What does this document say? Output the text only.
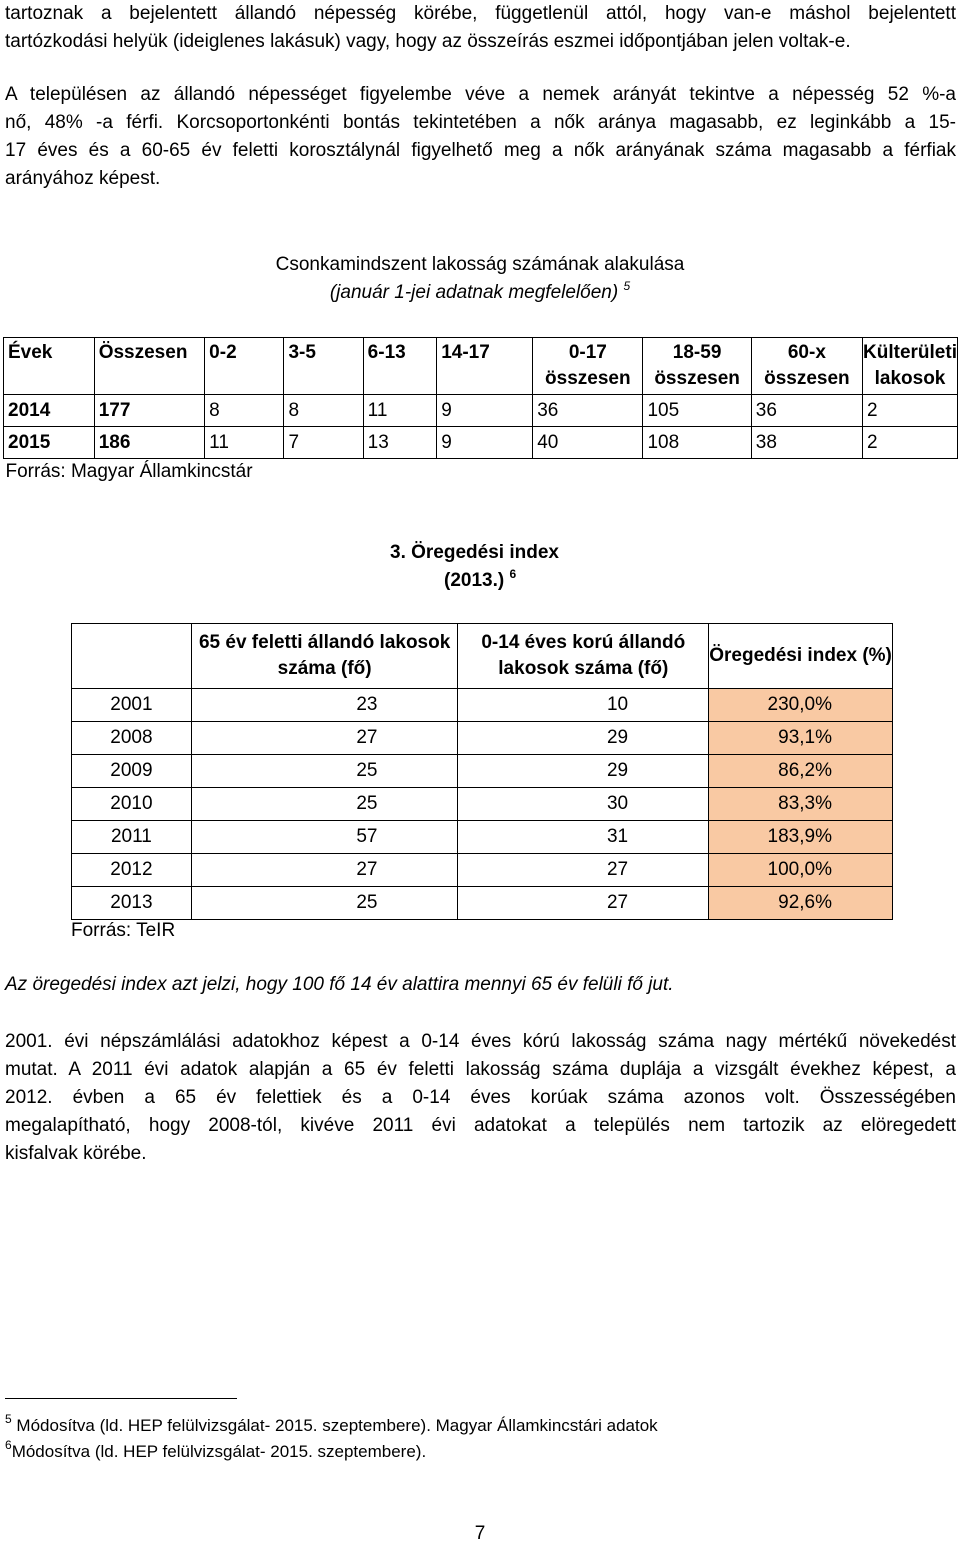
tartoznak a bejelentett állandó népesség körébe, függetlenül attól, hogy van-e máshol bejelentett
tartózkodási helyük (ideiglenes lakásuk) vagy, hogy az összeírás eszmei időpontjában jelen voltak-e.
A településen az állandó népességet figyelembe véve a nemek arányát tekintve a népesség 52 %-a
nő, 48% -a férfi. Korcsoportonkénti bontás tekintetében a nők aránya magasabb, ez leginkább a 15-
17 éves és a 60-65 év feletti korosztálynál figyelhető meg a nők arányának száma magasabb a férfiak
arányához képest.
Csonkamindszent lakosság számának alakulása
(január 1-jei adatnak megfelelően) $^5$
Évek	Összesen	0-2	3-5	6-13	14-17	0-17 összesen	18-59 összesen	60-x összesen	Külterületi lakosok
2014	177	8	8	11	9	36	105	36	2
2015	186	11	7	13	9	40	108	38	2
Forrás: Magyar Államkincstár									
3. Öregedési index
(2013.) $^6$
	65 év feletti állandó lakosok száma (fő)	0-14 éves korú állandó lakosok száma (fő)	Öregedési index (%)
2001	23	10	230,0%
2008	27	29	93,1%
2009	25	29	86,2%
2010	25	30	83,3%
2011	57	31	183,9%
2012	27	27	100,0%
2013	25	27	92,6%
Forrás: TeIR
Az öregedési index azt jelzi, hogy 100 fő 14 év alattira mennyi 65 év felüli fő jut.
2001. évi népszámlálási adatokhoz képest a 0-14 éves kórú lakosság száma nagy mértékű növekedést
mutat. A 2011 évi adatok alapján a 65 év feletti lakosság száma duplája a vizsgált évekhez képest, a
2012. évben a 65 év felettiek és a 0-14 éves korúak száma azonos volt. Összességében
megalapítható, hogy 2008-tól, kivéve 2011 évi adatokat a település nem tartozik az elöregedett
kisfalvak körébe.
$^5$ Módosítva (ld. HEP felülvizsgálat- 2015. szeptembere). Magyar Államkincstári adatok
$^6$Módosítva (ld. HEP felülvizsgálat- 2015. szeptembere).
7
